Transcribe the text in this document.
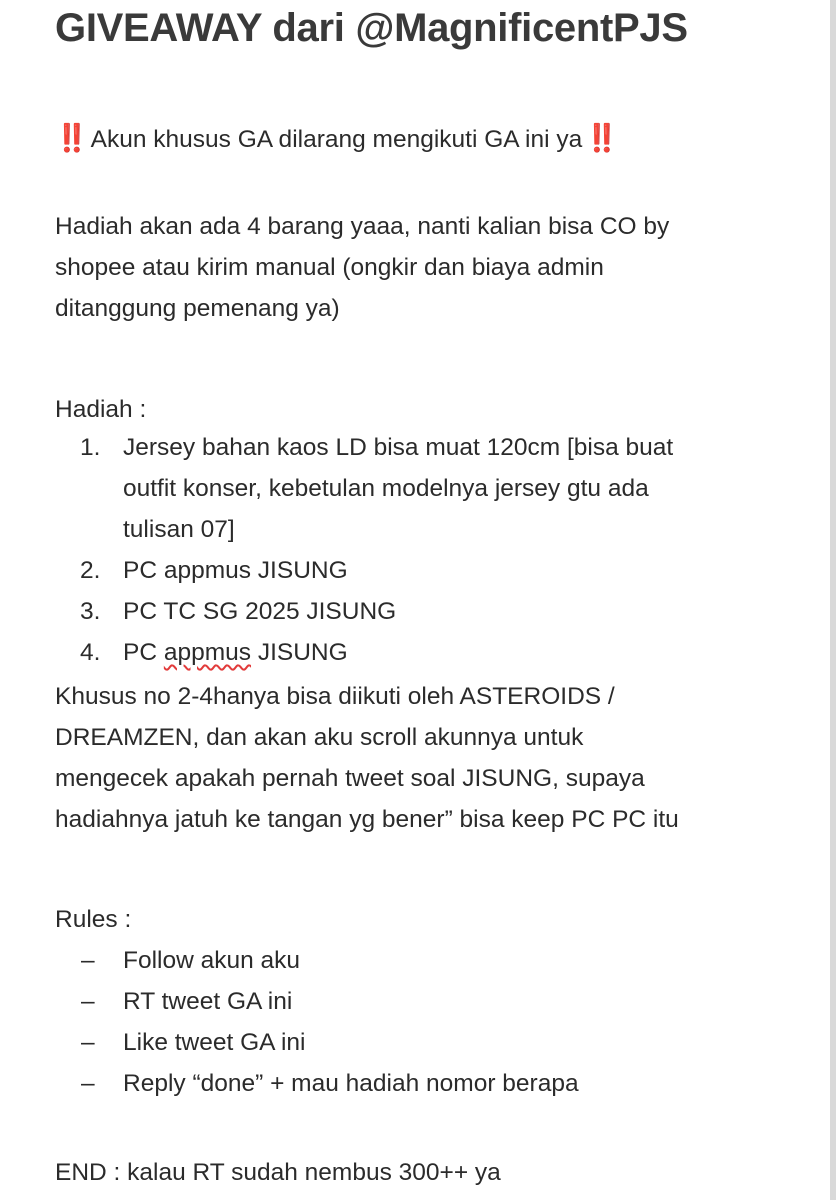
GIVEAWAY dari @MagnificentPJS

‼️ Akun khusus GA dilarang mengikuti GA ini ya ‼️

Hadiah akan ada 4 barang yaaa, nanti kalian bisa CO by
shopee atau kirim manual (ongkir dan biaya admin
ditanggung pemenang ya)
Hadiah :
1. Jersey bahan kaos LD bisa muat 120cm [bisa buat
outfit konser, kebetulan modelnya jersey gtu ada
tulisan 07]
2. PC appmus JISUNG
3. PC TC SG 2025 JISUNG
4. PC appmus JISUNG
Khusus no 2-4hanya bisa diikuti oleh ASTEROIDS /
DREAMZEN, dan akan aku scroll akunnya untuk
mengecek apakah pernah tweet soal JISUNG, supaya
hadiahnya jatuh ke tangan yg bener” bisa keep PC PC itu
Rules :
– Follow akun aku
– RT tweet GA ini
– Like tweet GA ini
– Reply “done” + mau hadiah nomor berapa
END : kalau RT sudah nembus 300++ ya
